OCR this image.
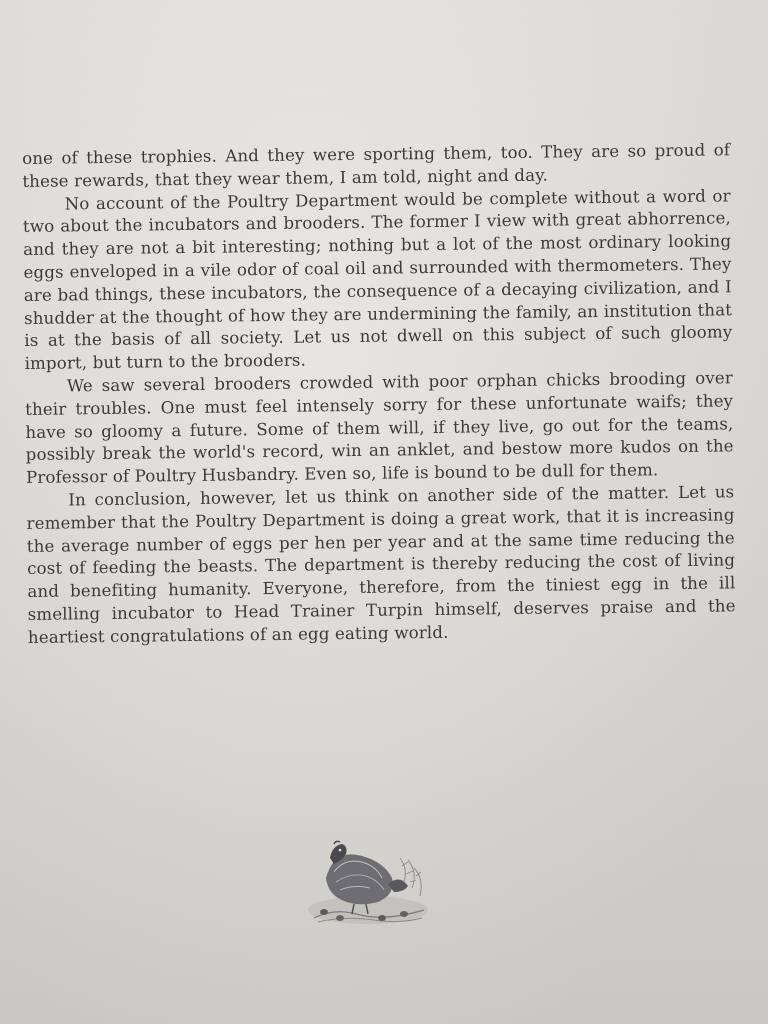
one of these trophies. And they were sporting them, too. They are so proud of these rewards, that they wear them, I am told, night and day.

No account of the Poultry Department would be complete without a word or two about the incubators and brooders. The former I view with great abhorrence, and they are not a bit interesting; nothing but a lot of the most ordinary looking eggs enveloped in a vile odor of coal oil and surrounded with thermometers. They are bad things, these incubators, the consequence of a decaying civilization, and I shudder at the thought of how they are undermining the family, an institution that is at the basis of all society. Let us not dwell on this subject of such gloomy import, but turn to the brooders.

We saw several brooders crowded with poor orphan chicks brooding over their troubles. One must feel intensely sorry for these unfortunate waifs; they have so gloomy a future. Some of them will, if they live, go out for the teams, possibly break the world's record, win an anklet, and bestow more kudos on the Professor of Poultry Husbandry. Even so, life is bound to be dull for them.

In conclusion, however, let us think on another side of the matter. Let us remember that the Poultry Department is doing a great work, that it is increasing the average number of eggs per hen per year and at the same time reducing the cost of feeding the beasts. The department is thereby reducing the cost of living and benefiting humanity. Everyone, therefore, from the tiniest egg in the ill smelling incubator to Head Trainer Turpin himself, deserves praise and the heartiest congratulations of an egg eating world.
